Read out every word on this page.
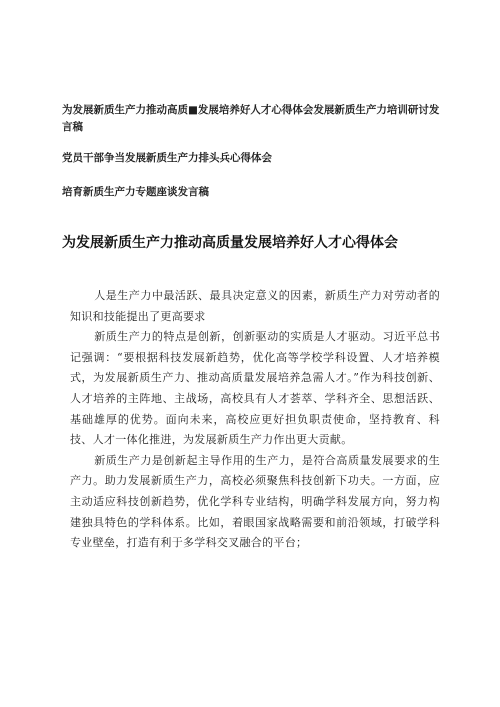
为发展新质生产力推动高质■发展培养好人才心得体会发展新质生产力培训研讨发言稿

党员干部争当发展新质生产力排头兵心得体会

培育新质生产力专题座谈发言稿

为发展新质生产力推动高质量发展培养好人才心得体会

人是生产力中最活跃、最具决定意义的因素，新质生产力对劳动者的知识和技能提出了更高要求

新质生产力的特点是创新，创新驱动的实质是人才驱动。习近平总书记强调：“要根据科技发展新趋势，优化高等学校学科设置、人才培养模式，为发展新质生产力、推动高质量发展培养急需人才。”作为科技创新、人才培养的主阵地、主战场，高校具有人才荟萃、学科齐全、思想活跃、基础雄厚的优势。面向未来，高校应更好担负职责使命，坚持教育、科技、人才一体化推进，为发展新质生产力作出更大贡献。

新质生产力是创新起主导作用的生产力，是符合高质量发展要求的生产力。助力发展新质生产力，高校必须聚焦科技创新下功夫。一方面，应主动适应科技创新趋势，优化学科专业结构，明确学科发展方向，努力构建独具特色的学科体系。比如，着眼国家战略需要和前沿领域，打破学科专业壁垒，打造有利于多学科交叉融合的平台；
